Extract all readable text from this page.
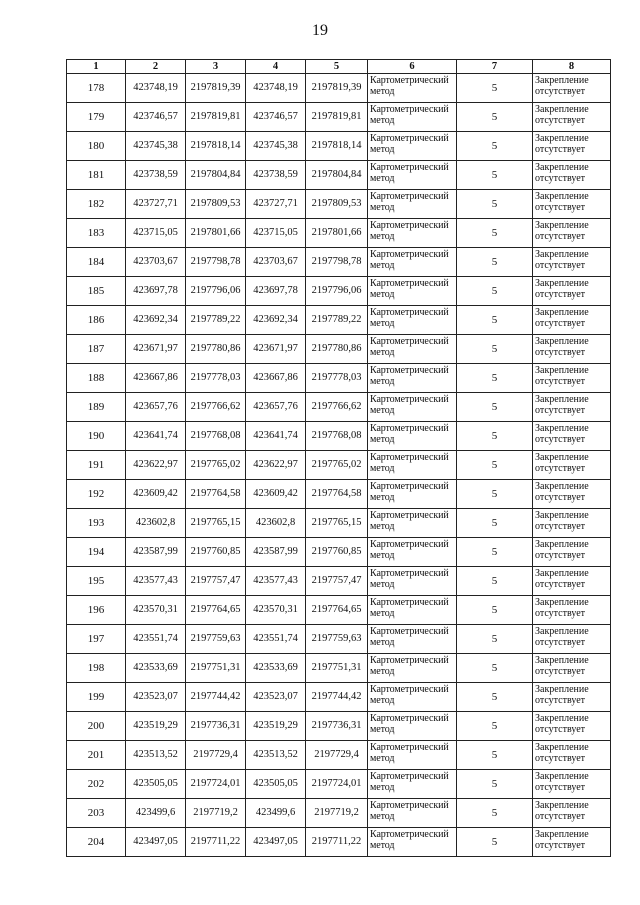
19
1	2	3	4	5	6	7	8
178	423748,19	2197819,39	423748,19	2197819,39	Картометрический метод	5	Закрепление отсутствует
179	423746,57	2197819,81	423746,57	2197819,81	Картометрический метод	5	Закрепление отсутствует
180	423745,38	2197818,14	423745,38	2197818,14	Картометрический метод	5	Закрепление отсутствует
181	423738,59	2197804,84	423738,59	2197804,84	Картометрический метод	5	Закрепление отсутствует
182	423727,71	2197809,53	423727,71	2197809,53	Картометрический метод	5	Закрепление отсутствует
183	423715,05	2197801,66	423715,05	2197801,66	Картометрический метод	5	Закрепление отсутствует
184	423703,67	2197798,78	423703,67	2197798,78	Картометрический метод	5	Закрепление отсутствует
185	423697,78	2197796,06	423697,78	2197796,06	Картометрический метод	5	Закрепление отсутствует
186	423692,34	2197789,22	423692,34	2197789,22	Картометрический метод	5	Закрепление отсутствует
187	423671,97	2197780,86	423671,97	2197780,86	Картометрический метод	5	Закрепление отсутствует
188	423667,86	2197778,03	423667,86	2197778,03	Картометрический метод	5	Закрепление отсутствует
189	423657,76	2197766,62	423657,76	2197766,62	Картометрический метод	5	Закрепление отсутствует
190	423641,74	2197768,08	423641,74	2197768,08	Картометрический метод	5	Закрепление отсутствует
191	423622,97	2197765,02	423622,97	2197765,02	Картометрический метод	5	Закрепление отсутствует
192	423609,42	2197764,58	423609,42	2197764,58	Картометрический метод	5	Закрепление отсутствует
193	423602,8	2197765,15	423602,8	2197765,15	Картометрический метод	5	Закрепление отсутствует
194	423587,99	2197760,85	423587,99	2197760,85	Картометрический метод	5	Закрепление отсутствует
195	423577,43	2197757,47	423577,43	2197757,47	Картометрический метод	5	Закрепление отсутствует
196	423570,31	2197764,65	423570,31	2197764,65	Картометрический метод	5	Закрепление отсутствует
197	423551,74	2197759,63	423551,74	2197759,63	Картометрический метод	5	Закрепление отсутствует
198	423533,69	2197751,31	423533,69	2197751,31	Картометрический метод	5	Закрепление отсутствует
199	423523,07	2197744,42	423523,07	2197744,42	Картометрический метод	5	Закрепление отсутствует
200	423519,29	2197736,31	423519,29	2197736,31	Картометрический метод	5	Закрепление отсутствует
201	423513,52	2197729,4	423513,52	2197729,4	Картометрический метод	5	Закрепление отсутствует
202	423505,05	2197724,01	423505,05	2197724,01	Картометрический метод	5	Закрепление отсутствует
203	423499,6	2197719,2	423499,6	2197719,2	Картометрический метод	5	Закрепление отсутствует
204	423497,05	2197711,22	423497,05	2197711,22	Картометрический метод	5	Закрепление отсутствует
